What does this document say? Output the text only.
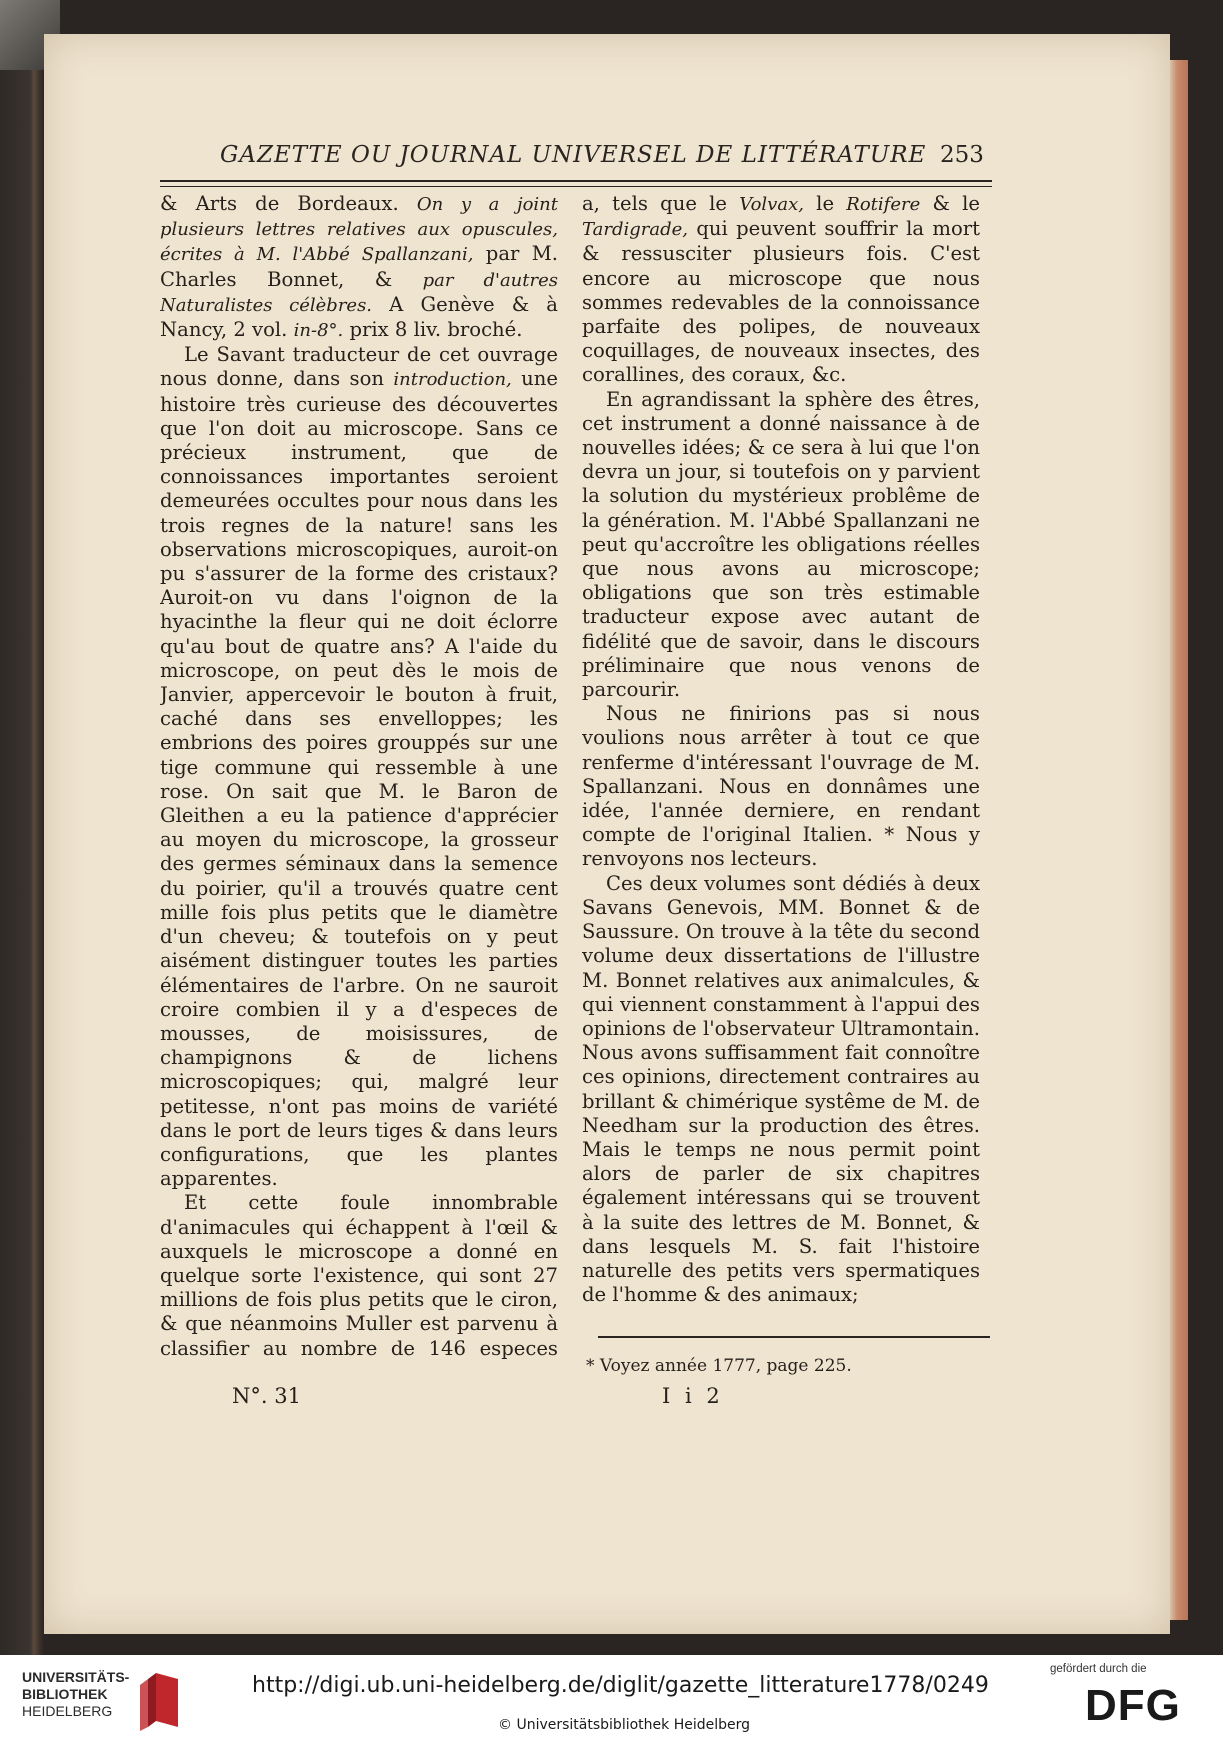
GAZETTE OU JOURNAL UNIVERSEL DE LITTÉRATURE 253

& Arts de Bordeaux. On y a joint plusieurs lettres relatives aux opuscules, écrites à M. l'Abbé Spallanzani, par M. Charles Bonnet, & par d'autres Naturalistes célèbres. A Genève & à Nancy, 2 vol. in-8°. prix 8 liv. broché.

Le Savant traducteur de cet ouvrage nous donne, dans son introduction, une histoire très curieuse des découvertes que l'on doit au microscope. Sans ce précieux instrument, que de connoissances importantes seroient demeurées occultes pour nous dans les trois regnes de la nature! sans les observations microscopiques, auroit-on pu s'assurer de la forme des cristaux? Auroit-on vu dans l'oignon de la hyacinthe la fleur qui ne doit éclorre qu'au bout de quatre ans? A l'aide du microscope, on peut dès le mois de Janvier, appercevoir le bouton à fruit, caché dans ses envelloppes; les embrions des poires grouppés sur une tige commune qui ressemble à une rose. On sait que M. le Baron de Gleithen a eu la patience d'apprécier au moyen du microscope, la grosseur des germes séminaux dans la semence du poirier, qu'il a trouvés quatre cent mille fois plus petits que le diamètre d'un cheveu; & toutefois on y peut aisément distinguer toutes les parties élémentaires de l'arbre. On ne sauroit croire combien il y a d'especes de mousses, de moisissures, de champignons & de lichens microscopiques; qui, malgré leur petitesse, n'ont pas moins de variété dans le port de leurs tiges & dans leurs configurations, que les plantes apparentes.

Et cette foule innombrable d'animacules qui échappent à l'œil & auxquels le microscope a donné en quelque sorte l'existence, qui sont 27 millions de fois plus petits que le ciron, & que néanmoins Muller est parvenu à classifier au nombre de 146 especes

a, tels que le Volvax, le Rotifere & le Tardigrade, qui peuvent souffrir la mort & ressusciter plusieurs fois. C'est encore au microscope que nous sommes redevables de la connoissance parfaite des polipes, de nouveaux coquillages, de nouveaux insectes, des corallines, des coraux, &c.

En agrandissant la sphère des êtres, cet instrument a donné naissance à de nouvelles idées; & ce sera à lui que l'on devra un jour, si toutefois on y parvient la solution du mystérieux problême de la génération. M. l'Abbé Spallanzani ne peut qu'accroître les obligations réelles que nous avons au microscope; obligations que son très estimable traducteur expose avec autant de fidélité que de savoir, dans le discours préliminaire que nous venons de parcourir.

Nous ne finirions pas si nous voulions nous arrêter à tout ce que renferme d'intéressant l'ouvrage de M. Spallanzani. Nous en donnâmes une idée, l'année derniere, en rendant compte de l'original Italien. * Nous y renvoyons nos lecteurs.

Ces deux volumes sont dédiés à deux Savans Genevois, MM. Bonnet & de Saussure. On trouve à la tête du second volume deux dissertations de l'illustre M. Bonnet relatives aux animalcules, & qui viennent constamment à l'appui des opinions de l'observateur Ultramontain. Nous avons suffisamment fait connoître ces opinions, directement contraires au brillant & chimérique systême de M. de Needham sur la production des êtres. Mais le temps ne nous permit point alors de parler de six chapitres également intéressans qui se trouvent à la suite des lettres de M. Bonnet, & dans lesquels M. S. fait l'histoire naturelle des petits vers spermatiques de l'homme & des animaux;

* Voyez année 1777, page 225.
N°. 31	I i 2
UNIVERSITÄTS-
BIBLIOTHEK
HEIDELBERG
http://digi.ub.uni-heidelberg.de/diglit/gazette_litterature1778/0249
© Universitätsbibliothek Heidelberg
gefördert durch die
DFG
